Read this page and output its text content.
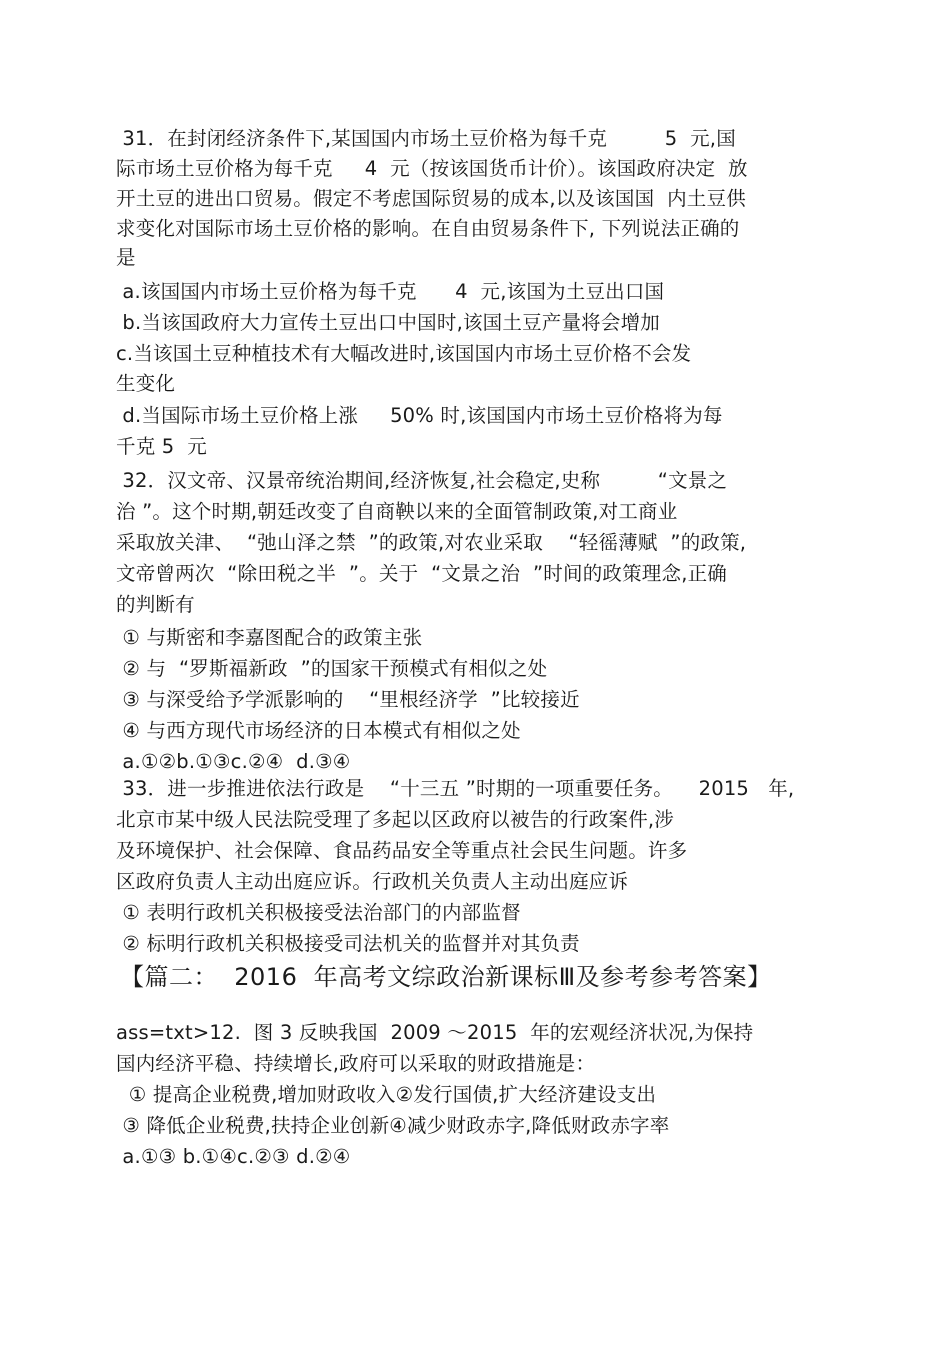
31．在封闭经济条件下,某国国内市场土豆价格为每千克         5  元,国
际市场土豆价格为每千克     4  元（按该国货币计价）。该国政府决定  放
开土豆的进出口贸易。假定不考虑国际贸易的成本,以及该国国  内土豆供
求变化对国际市场土豆价格的影响。在自由贸易条件下, 下列说法正确的
是
a.该国国内市场土豆价格为每千克      4  元,该国为土豆出口国
b.当该国政府大力宣传土豆出口中国时,该国土豆产量将会增加
c.当该国土豆种植技术有大幅改进时,该国国内市场土豆价格不会发
生变化
d.当国际市场土豆价格上涨     50% 时,该国国内市场土豆价格将为每
千克 5  元
32．汉文帝、汉景帝统治期间,经济恢复,社会稳定,史称         “文景之
治 ”。这个时期,朝廷改变了自商鞅以来的全面管制政策,对工商业
采取放关津、  “弛山泽之禁  ”的政策,对农业采取    “轻徭薄赋  ”的政策,
文帝曾两次  “除田税之半  ”。关于  “文景之治  ”时间的政策理念,正确
的判断有
① 与斯密和李嘉图配合的政策主张
② 与  “罗斯福新政  ”的国家干预模式有相似之处
③ 与深受给予学派影响的    “里根经济学  ”比较接近
④ 与西方现代市场经济的日本模式有相似之处
a.①②b.①③c.②④  d.③④
33．进一步推进依法行政是    “十三五 ”时期的一项重要任务。    2015   年,
北京市某中级人民法院受理了多起以区政府以被告的行政案件,涉
及环境保护、社会保障、食品药品安全等重点社会民生问题。许多
区政府负责人主动出庭应诉。行政机关负责人主动出庭应诉
① 表明行政机关积极接受法治部门的内部监督
② 标明行政机关积极接受司法机关的监督并对其负责
【篇二：  2016  年高考文综政治新课标Ⅲ及参考参考答案】
ass=txt>12.  图 3 反映我国  2009 ～2015  年的宏观经济状况,为保持
国内经济平稳、持续增长,政府可以采取的财政措施是：
① 提高企业税费,增加财政收入②发行国债,扩大经济建设支出
③ 降低企业税费,扶持企业创新④减少财政赤字,降低财政赤字率
a.①③ b.①④c.②③ d.②④
